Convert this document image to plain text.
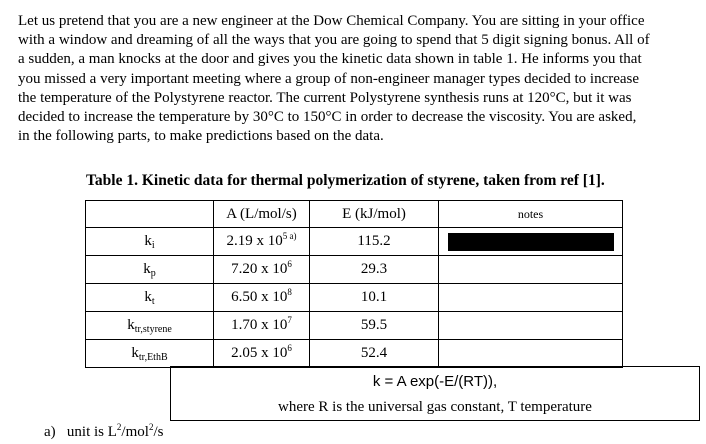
Let us pretend that you are a new engineer at the Dow Chemical Company. You are sitting in your office
with a window and dreaming of all the ways that you are going to spend that 5 digit signing bonus. All of
a sudden, a man knocks at the door and gives you the kinetic data shown in table 1. He informs you that
you missed a very important meeting where a group of non-engineer manager types decided to increase
the temperature of the Polystyrene reactor. The current Polystyrene synthesis runs at 120°C, but it was
decided to increase the temperature by 30°C to 150°C in order to decrease the viscosity. You are asked,
in the following parts, to make predictions based on the data.
Table 1. Kinetic data for thermal polymerization of styrene, taken from ref [1].
	A (L/mol/s)	E (kJ/mol)	notes
$k_i$	2.19 x $10^{5 a)}$	115.2	

$k_p$	7.20 x $10^6$	29.3	
$k_t$	6.50 x $10^8$	10.1	
$k_{tr,styrene}$	1.70 x $10^7$	59.5	
$k_{tr,EthB}$	2.05 x $10^6$	52.4	
k = A exp(-E/(RT)),
where R is the universal gas constant, T temperature
a) unit is $L^2/mol^2/s$
